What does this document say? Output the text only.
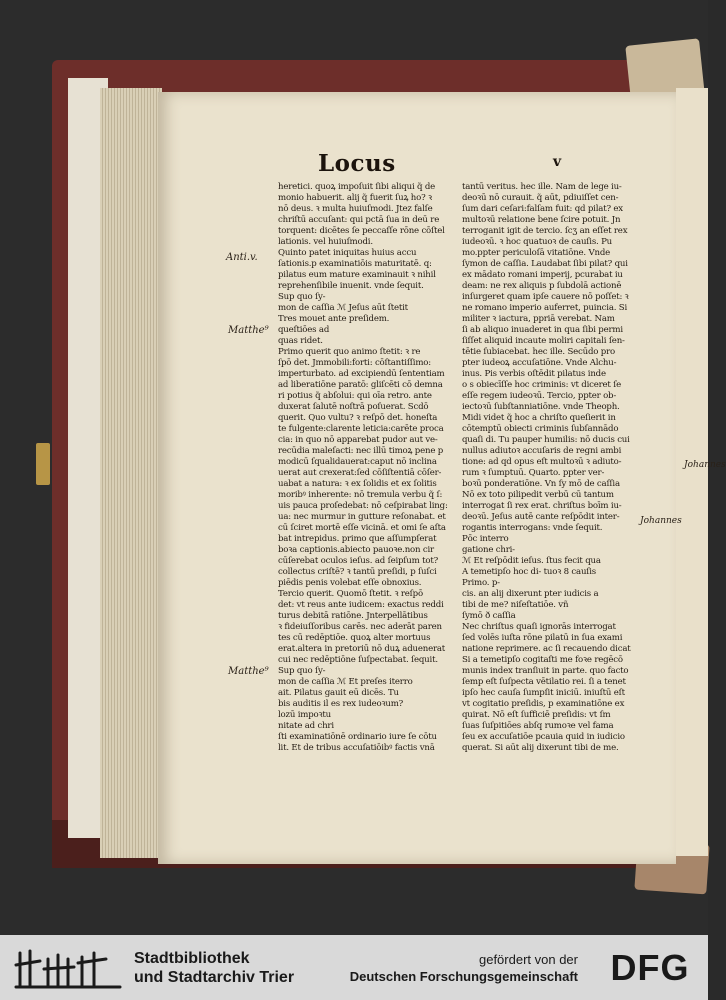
Johannes
Johannes
Locus	v
Anti.v.
Matthe⁹
Matthe⁹
heretici. quoꝝ impoſuit ſibi aliqui q̃ de
monio habuerit. alij q̃ fuerit ſuꝝ ho? ꝛ
nō deus. ꝛ multa huiuſmodi. Jtez falſe
chriſtū accuſant: qui pctā ſua in deū re
torquent: dicētes ſe peccaſſe rōne cōſtel
lationis. vel huiuſmodi.
Quinto patet iniquitas huius accu
ſationis.p examinatiōis maturitatē. q:
pilatus eum mature examinauit ꝛ nihil
reprehenſibile inuenit. vnde ſequit.
Sup quo ſy-
mon de caſſia ℳ Jeſus aūt ſtetit
Tres mouet ante preſidem.
queſtiōes ad
quas ridet.
Primo querit quo animo ſtetit: ꝛ re
ſpō det. Jmmobili:forti: cōſtantiſſimo:
imperturbato. ad excipiendū ſententiam
ad liberatiōne paratō: gliſcēti cō demna
ri potius q̃ abſolui: qui oīa retro. ante
duxerat ſalutē noſtrā poſuerat. Scdō
querit. Quo vultu? ꝛ reſpō det. honeſta
te fulgente:clarente leticia:carēte proca
cia: in quo nō apparebat pudor aut ve-
recūdia maleſacti: nec illū timoꝝ pene p
modicū ſqualidauerat:caput nō inclina
uerat aut crexerat:ſed cōſiſtentiā cōſer-
uabat a natura: ꝛ ex ſolidis et ex ſolitis
moribꝰ inherente: nō tremula verbu q̃ ſ:
uis pauca proſedebat: nō ceſpirabat ling:
ua: nec murmur in gutture reſonabat. et
cū ſciret mortē eſſe vicinā. et omi ſe aſta
bat intrepidus. primo que aſſumpſerat
boꝛa captionis.abiecto pauoꝛe.non cir
cūſerebat oculos ieſus. ad ſeipſum tot?
collectus criſtē? ꝛ tantū preſidi, p ſuſci
piēdis penis volebat eſſe obnoxius.
Tercio querit. Quomō ſtetit. ꝛ reſpō
det: vt reus ante iudicem: exactus reddi
turus debitā ratiōne. Jnterpellātibus
ꝛ fideiuſſoribus carēs. nec aderāt paren
tes cū redēptiōe. quoꝝ alter mortuus
erat.altera in pretoriū nō duꝝ aduenerat
cui nec redēptiōne ſuſpectabat. ſequit.
Sup quo ſy-
mon de caſſia ℳ Et preſes iterro
ait. Pilatus gauit eū dicēs. Tu
bis auditis il es rex iudeoꝛum?
lozū impoꝛtu
nitate ad chri
ſti examinatiōnē ordinario iure ſe cōtu
lit. Et de tribus accuſatiōibꝰ factis vnā
tantū veritus. hec ille. Nam de lege iu-
deoꝛū nō curauit. q̃ aūt, pdiuiſſet cen-
ſum dari ceſari:falſam fuit: qd pilat? ex
multoꝛū relatione bene ſcire potuit. Jn
terroganit igit de tercio. ſcʒ an eſſet rex
iudeoꝛū. ꝛ hoc quatuoꝛ de cauſis. Pu
mo.ppter periculoſā vitatiōne. Vnde
ſymon de caſſia. Laudabat ſibi pilat? qui
ex mādato romani imperij, pcurabat iu
deam: ne rex aliquis p ſubdolā actionē
inſurgeret quam ipſe cauere nō poſſet: ꝛ
ne romano imperio auferret, puincia. Si
militer ꝛ iactura, ppriā verebat. Nam
ſi ab aliquo inuaderet in qua ſibi permi
ſiſſet aliquid incaute moliri capitali ſen-
tētie ſubiacebat. hec ille. Secūdo pro
pter iudeoꝝ accuſatiōne. Vnde Alchu-
inus. Pis verbis oſtēdit pilatus inde
o s obiecīſſe hoc criminis: vt diceret ſe
eſſe regem iudeoꝛū. Tercio, ppter ob-
iectoꝛū ſubſtanniatiōne. vnde Theoph.
Midi videt q̃ hoc a chriſto queſierit in
cōtemptū obiecti criminis ſubſannādo
quaſi di. Tu pauper humilis: nō ducis cui
nullus adiutoꝛ accuſaris de regni ambi
tione: ad qd opus eſt multoꝛū ꝛ adiuto-
rum ꝛ ſumptuū. Quarto. ppter ver-
boꝛū ponderatiōne. Vn ſy mō de caſſia
Nō ex toto pilipedit verbū cū tantum
interrogat ſi rex erat. chriſtus boīm iu-
deoꝛū. Jeſus autē cante reſpōdit inter-
rogantis interrogans: vnde ſequit.
Pōc interro
gatione chri-
ℳ Et reſpōdit ieſus. ſtus fecit qua
A temetipſo hoc di- tuoꝛ 8 cauſis
Primo. p-
cis. an alij dixerunt pter iudicis a
tibi de me? niſeſtatiōe. vñ
ſymō ð caſſia
Nec chriſtus quaſi ignorās interrogat
ſed volēs iuſta rōne pilatū in ſua exami
natione reprimere. ac ſi recauendo dicat
Si a temetipſo cogitaſti me foꝛe regēcō
munis index tranſiuit in parte. quo facto
ſemp eſt ſuſpecta vētilatio rei. ſi a tenet
ipſo hec cauſa ſumpſit iniciū. iniuſtū eſt
vt cogitatio preſidis, p examinatiōne ex
quirat. Nō eſt ſufficiē preſidis: vt ſm
ſuas ſuſpitiōes abſq rumoꝛe vel fama
ſeu ex accuſatiōe pcauia quid in iudicio
querat. Si aūt alij dixerunt tibi de me.
Stadtbibliothek
und Stadtarchiv Trier
gefördert von der
Deutschen Forschungsgemeinschaft DFG
